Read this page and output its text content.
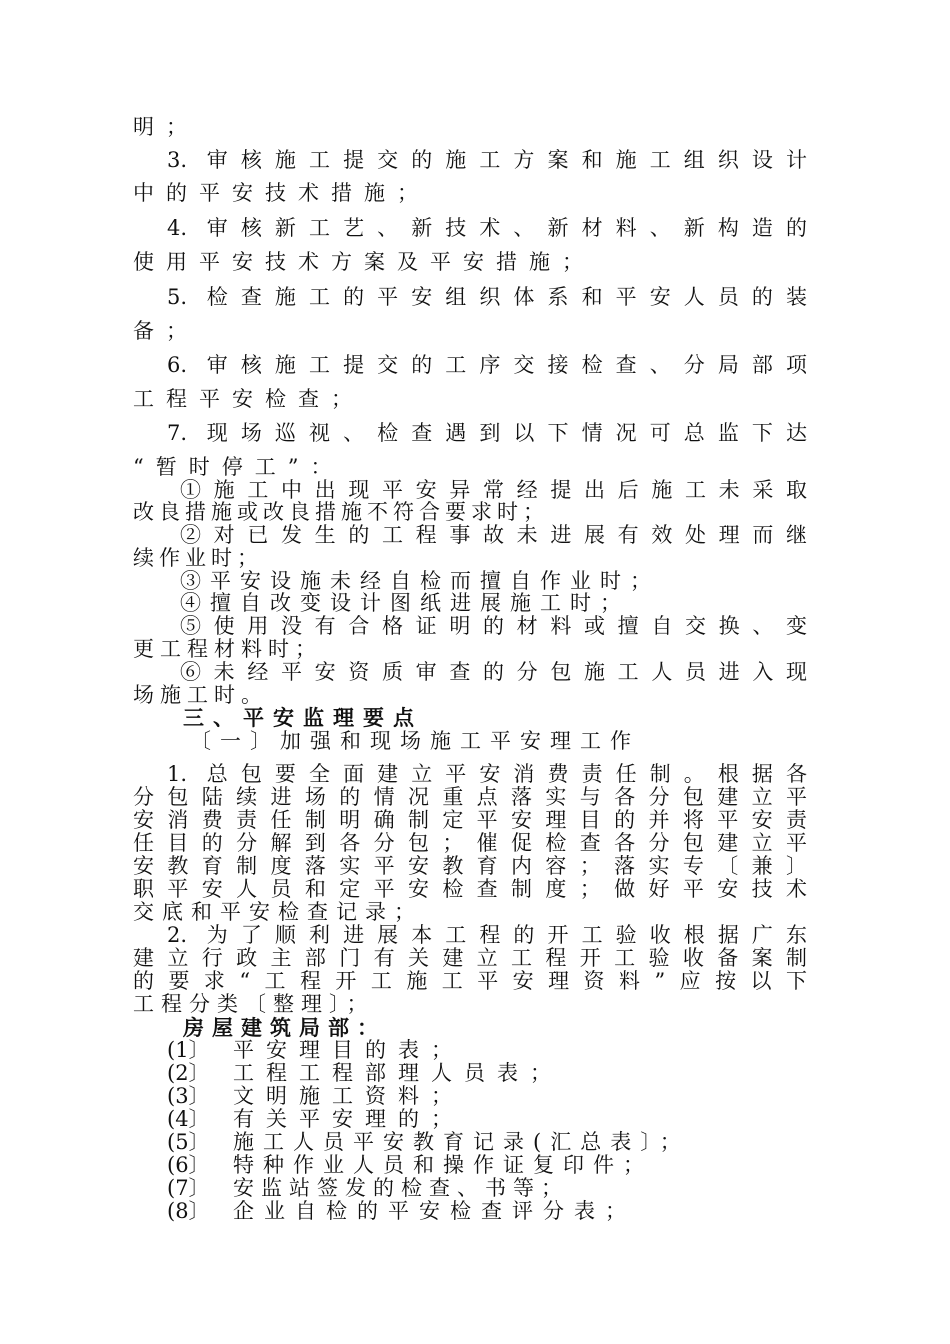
明；
3. 审核施工提交的施工方案和施工组织设计
中的平安技术措施；
4. 审核新工艺、新技术、新材料、新构造的
使用平安技术方案及平安措施；
5. 检查施工的平安组织体系和平安人员的装
备；
6. 审核施工提交的工序交接检查、分局部项
工程平安检查；
7. 现场巡视、检查遇到以下情况可总监下达
“暂时停工”：
①施工中出现平安异常经提出后施工未采取
改良措施或改良措施不符合要求时；
②对已发生的工程事故未进展有效处理而继
续作业时；
③平安设施未经自检而擅自作业时；
④擅自改变设计图纸进展施工时；
⑤使用没有合格证明的材料或擅自交换、变
更工程材料时；
⑥未经平安资质审查的分包施工人员进入现
场施工时。
三、平安监理要点
〔一〕加强和现场施工平安理工作
1. 总包要全面建立平安消费责任制。根据各
分包陆续进场的情况重点落实与各分包建立平
安消费责任制明确制定平安理目的并将平安责
任目的分解到各分包；催促检查各分包建立平
安教育制度落实平安教育内容；落实专〔兼〕
职平安人员和定平安检查制度；做好平安技术
交底和平安检查记录；
2. 为了顺利进展本工程的开工验收根据广东
建立行政主部门有关建立工程开工验收备案制
的要求“工程开工施工平安理资料”应按以下
工程分类〔整理〕；
房屋建筑局部：
(1〕 平安理目的表；
(2〕 工程工程部理人员表；
(3〕 文明施工资料；
(4〕 有关平安理的；
(5〕 施工人员平安教育记录(汇总表〕；
(6〕 特种作业人员和操作证复印件；
(7〕 安监站签发的检查、书等；
(8〕 企业自检的平安检查评分表；
